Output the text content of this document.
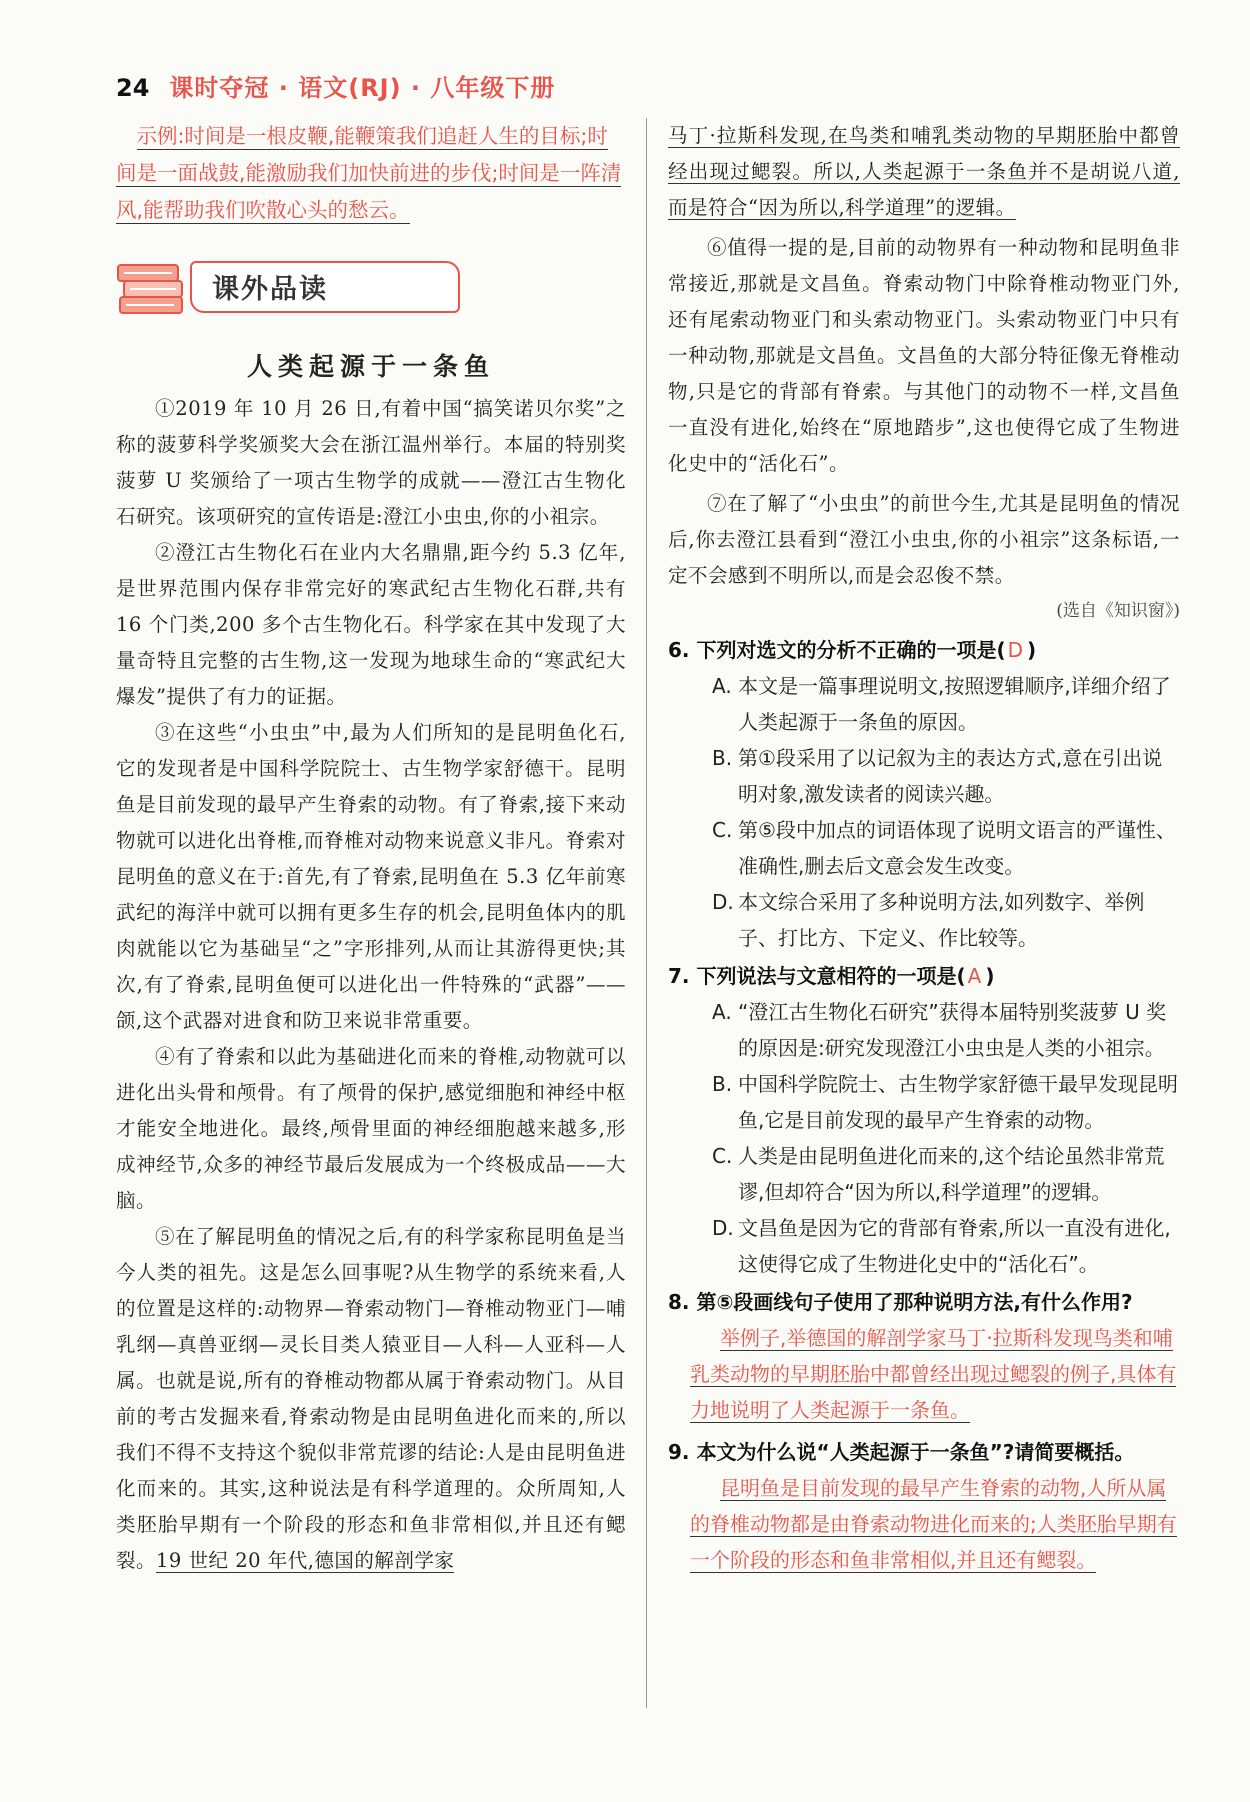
24 课时夺冠 · 语文(RJ) · 八年级下册

示例:时间是一根皮鞭,能鞭策我们追赶人生的目标;时间是一面战鼓,能激励我们加快前进的步伐;时间是一阵清风,能帮助我们吹散心头的愁云。

课外品读
人类起源于一条鱼

①2019 年 10 月 26 日,有着中国“搞笑诺贝尔奖”之称的菠萝科学奖颁奖大会在浙江温州举行。本届的特别奖菠萝 U 奖颁给了一项古生物学的成就——澄江古生物化石研究。该项研究的宣传语是:澄江小虫虫,你的小祖宗。

②澄江古生物化石在业内大名鼎鼎,距今约 5.3 亿年,是世界范围内保存非常完好的寒武纪古生物化石群,共有 16 个门类,200 多个古生物化石。科学家在其中发现了大量奇特且完整的古生物,这一发现为地球生命的“寒武纪大爆发”提供了有力的证据。

③在这些“小虫虫”中,最为人们所知的是昆明鱼化石,它的发现者是中国科学院院士、古生物学家舒德干。昆明鱼是目前发现的最早产生脊索的动物。有了脊索,接下来动物就可以进化出脊椎,而脊椎对动物来说意义非凡。脊索对昆明鱼的意义在于:首先,有了脊索,昆明鱼在 5.3 亿年前寒武纪的海洋中就可以拥有更多生存的机会,昆明鱼体内的肌肉就能以它为基础呈“之”字形排列,从而让其游得更快;其次,有了脊索,昆明鱼便可以进化出一件特殊的“武器”——颌,这个武器对进食和防卫来说非常重要。

④有了脊索和以此为基础进化而来的脊椎,动物就可以进化出头骨和颅骨。有了颅骨的保护,感觉细胞和神经中枢才能安全地进化。最终,颅骨里面的神经细胞越来越多,形成神经节,众多的神经节最后发展成为一个终极成品——大脑。

⑤在了解昆明鱼的情况之后,有的科学家称昆明鱼是当今人类的祖先。这是怎么回事呢?从生物学的系统来看,人的位置是这样的:动物界—脊索动物门—脊椎动物亚门—哺乳纲—真兽亚纲—灵长目类人猿亚目—人科—人亚科—人属。也就是说,所有的脊椎动物都从属于脊索动物门。从目前的考古发掘来看,脊索动物是由昆明鱼进化而来的,所以我们不得不支持这个貌似非常荒谬的结论:人是由昆明鱼进化而来的。其实,这种说法是有科学道理的。众所周知,人类胚胎早期有一个阶段的形态和鱼非常相似,并且还有鳃裂。19 世纪 20 年代,德国的解剖学家

马丁·拉斯科发现,在鸟类和哺乳类动物的早期胚胎中都曾经出现过鳃裂。所以,人类起源于一条鱼并不是胡说八道,而是符合“因为所以,科学道理”的逻辑。

⑥值得一提的是,目前的动物界有一种动物和昆明鱼非常接近,那就是文昌鱼。脊索动物门中除脊椎动物亚门外,还有尾索动物亚门和头索动物亚门。头索动物亚门中只有一种动物,那就是文昌鱼。文昌鱼的大部分特征像无脊椎动物,只是它的背部有脊索。与其他门的动物不一样,文昌鱼一直没有进化,始终在“原地踏步”,这也使得它成了生物进化史中的“活化石”。

⑦在了解了“小虫虫”的前世今生,尤其是昆明鱼的情况后,你去澄江县看到“澄江小虫虫,你的小祖宗”这条标语,一定不会感到不明所以,而是会忍俊不禁。

(选自《知识窗》)

6. 下列对选文的分析不正确的一项是( D )

A. 本文是一篇事理说明文,按照逻辑顺序,详细介绍了人类起源于一条鱼的原因。

B. 第①段采用了以记叙为主的表达方式,意在引出说明对象,激发读者的阅读兴趣。

C. 第⑤段中加点的词语体现了说明文语言的严谨性、准确性,删去后文意会发生改变。

D. 本文综合采用了多种说明方法,如列数字、举例子、打比方、下定义、作比较等。

7. 下列说法与文意相符的一项是( A )

A. “澄江古生物化石研究”获得本届特别奖菠萝 U 奖的原因是:研究发现澄江小虫虫是人类的小祖宗。

B. 中国科学院院士、古生物学家舒德干最早发现昆明鱼,它是目前发现的最早产生脊索的动物。

C. 人类是由昆明鱼进化而来的,这个结论虽然非常荒谬,但却符合“因为所以,科学道理”的逻辑。

D. 文昌鱼是因为它的背部有脊索,所以一直没有进化,这使得它成了生物进化史中的“活化石”。

8. 第⑤段画线句子使用了那种说明方法,有什么作用?

举例子,举德国的解剖学家马丁·拉斯科发现鸟类和哺乳类动物的早期胚胎中都曾经出现过鳃裂的例子,具体有力地说明了人类起源于一条鱼。

9. 本文为什么说“人类起源于一条鱼”?请简要概括。

昆明鱼是目前发现的最早产生脊索的动物,人所从属的脊椎动物都是由脊索动物进化而来的;人类胚胎早期有一个阶段的形态和鱼非常相似,并且还有鳃裂。
